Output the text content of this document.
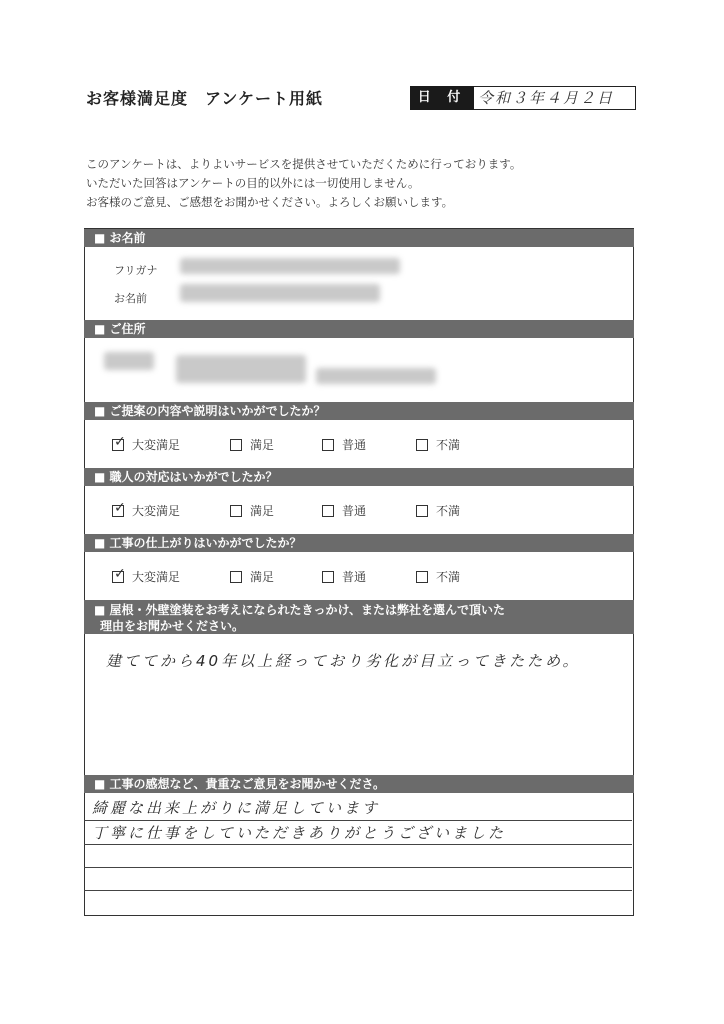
お客様満足度　アンケート用紙	日 付 令和３年４月２日
このアンケートは、よりよいサービスを提供させていただくために行っております。
いただいた回答はアンケートの目的以外には一切使用しません。
お客様のご意見、ご感想をお聞かせください。よろしくお願いします。
■ お名前
フリガナ
お名前
■ ご住所
■ ご提案の内容や説明はいかがでしたか？
✓ 大変満足	満足	普通	不満
■ 職人の対応はいかがでしたか？
✓ 大変満足	満足	普通	不満
■ 工事の仕上がりはいかがでしたか？
✓ 大変満足	満足	普通	不満
■ 屋根・外壁塗装をお考えになられたきっかけ、または弊社を選んで頂いた
理由をお聞かせください。
建ててから40年以上経っており劣化が目立ってきたため。
■ 工事の感想など、貴重なご意見をお聞かせくださ。
綺麗な出来上がりに満足しています
丁寧に仕事をしていただきありがとうございました
